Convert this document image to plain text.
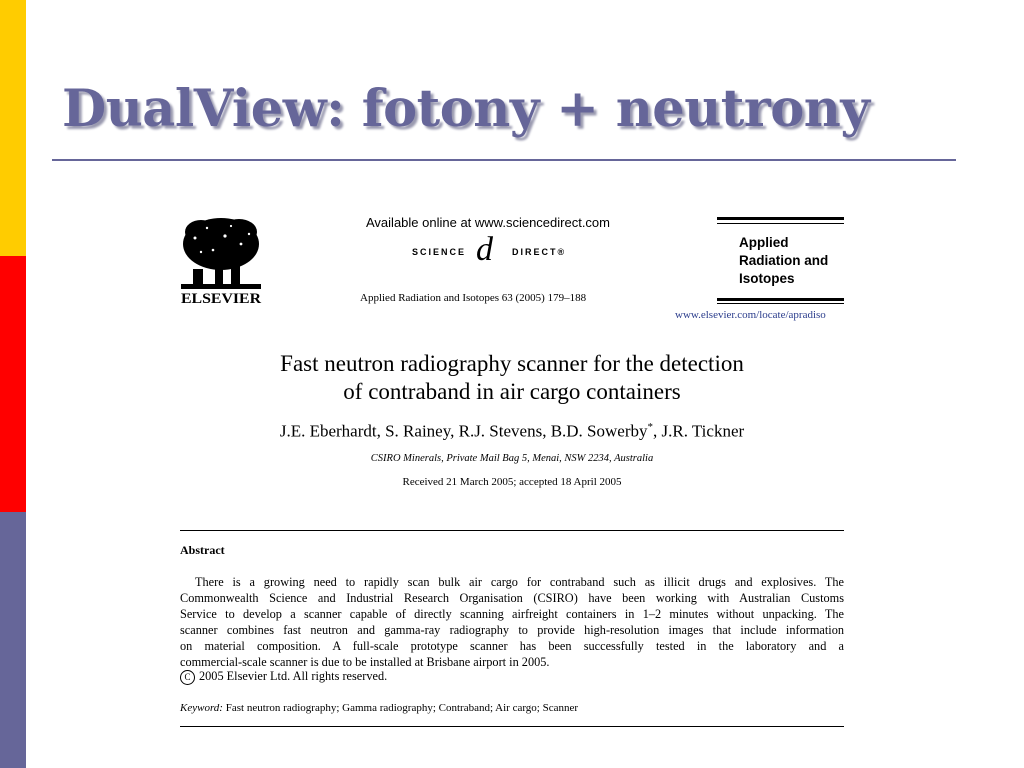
DualView: fotony + neutrony
ELSEVIER
Available online at www.sciencedirect.com
SCIENCE d DIRECT®
Applied Radiation and Isotopes 63 (2005) 179–188
Applied
Radiation and
Isotopes
www.elsevier.com/locate/apradiso
Fast neutron radiography scanner for the detection
of contraband in air cargo containers
J.E. Eberhardt, S. Rainey, R.J. Stevens, B.D. Sowerby*, J.R. Tickner
CSIRO Minerals, Private Mail Bag 5, Menai, NSW 2234, Australia
Received 21 March 2005; accepted 18 April 2005
Abstract
There is a growing need to rapidly scan bulk air cargo for contraband such as illicit drugs and explosives. The
Commonwealth Science and Industrial Research Organisation (CSIRO) have been working with Australian Customs
Service to develop a scanner capable of directly scanning airfreight containers in 1–2 minutes without unpacking. The
scanner combines fast neutron and gamma-ray radiography to provide high-resolution images that include information
on material composition. A full-scale prototype scanner has been successfully tested in the laboratory and a
commercial-scale scanner is due to be installed at Brisbane airport in 2005.
C 2005 Elsevier Ltd. All rights reserved.
Keyword: Fast neutron radiography; Gamma radiography; Contraband; Air cargo; Scanner
